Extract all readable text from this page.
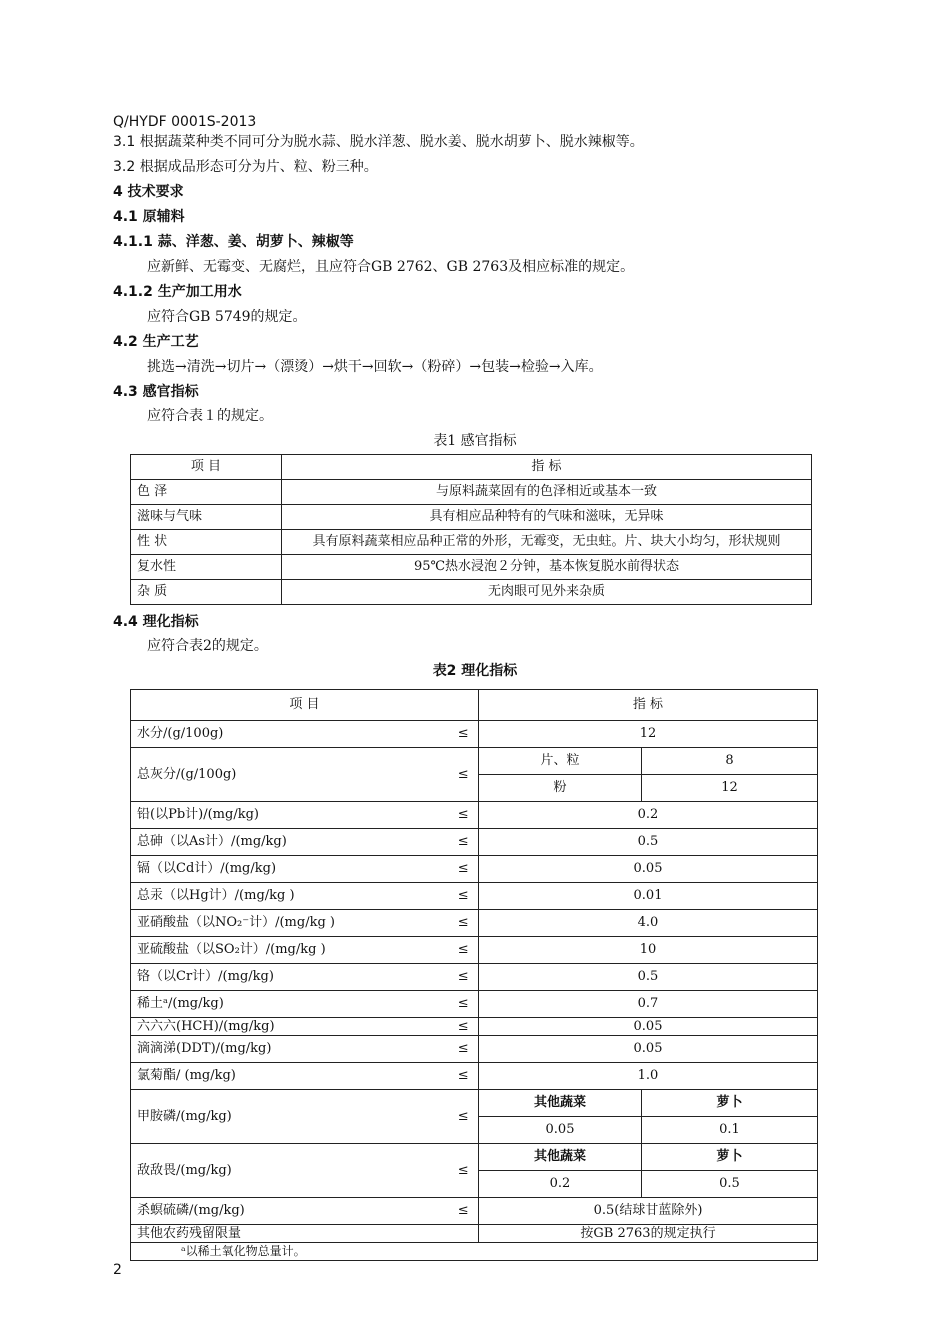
Q/HYDF 0001S-2013
3.1 根据蔬菜种类不同可分为脱水蒜、脱水洋葱、脱水姜、脱水胡萝卜、脱水辣椒等。
3.2 根据成品形态可分为片、粒、粉三种。
4 技术要求
4.1 原辅料
4.1.1 蒜、洋葱、姜、胡萝卜、辣椒等
应新鲜、无霉变、无腐烂，且应符合GB 2762、GB 2763及相应标准的规定。
4.1.2 生产加工用水
应符合GB 5749的规定。
4.2 生产工艺
挑选→清洗→切片→（漂烫）→烘干→回软→（粉碎）→包装→检验→入库。
4.3 感官指标
应符合表１的规定。
表1 感官指标
项 目	指 标
色 泽	与原料蔬菜固有的色泽相近或基本一致
滋味与气味	具有相应品种特有的气味和滋味，无异味
性 状	具有原料蔬菜相应品种正常的外形，无霉变，无虫蛀。片、块大小均匀，形状规则
复水性	95℃热水浸泡２分钟，基本恢复脱水前得状态
杂 质	无肉眼可见外来杂质
4.4 理化指标
应符合表2的规定。
表2 理化指标
项 目		指 标	
水分/(g/100g)	≤	12	
总灰分/(g/100g)	≤	片、粒	8
		粉	12
铅(以Pb计)/(mg/kg)	≤	0.2	
总砷（以As计）/(mg/kg)	≤	0.5	
镉（以Cd计）/(mg/kg)	≤	0.05	
总汞（以Hg计）/(mg/kg )	≤	0.01	
亚硝酸盐（以NO₂⁻计）/(mg/kg )	≤	4.0	
亚硫酸盐（以SO₂计）/(mg/kg )	≤	10	
铬（以Cr计）/(mg/kg)	≤	0.5	
稀土ᵃ/(mg/kg)	≤	0.7	
六六六(HCH)/(mg/kg)	≤	0.05	
滴滴涕(DDT)/(mg/kg)	≤	0.05	
氯菊酯/ (mg/kg)	≤	1.0	
甲胺磷/(mg/kg)	≤	其他蔬菜	萝卜
		0.05	0.1
敌敌畏/(mg/kg)	≤	其他蔬菜	萝卜
		0.2	0.5
杀螟硫磷/(mg/kg)	≤	0.5(结球甘蓝除外)	
其他农药残留限量		按GB 2763的规定执行	
ᵃ以稀土氧化物总量计。			
2
